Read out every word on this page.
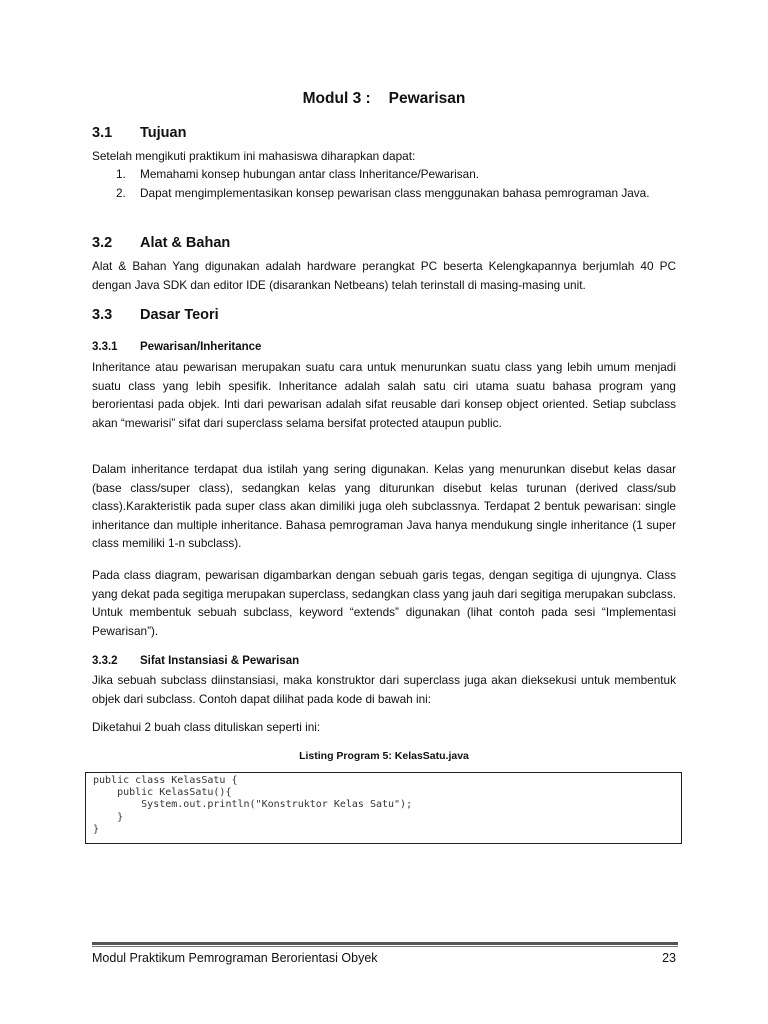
Modul 3 : Pewarisan
3.1 Tujuan
Setelah mengikuti praktikum ini mahasiswa diharapkan dapat:
1. Memahami konsep hubungan antar class Inheritance/Pewarisan.
2. Dapat mengimplementasikan konsep pewarisan class menggunakan bahasa pemrograman Java.
3.2 Alat & Bahan
Alat & Bahan Yang digunakan adalah hardware perangkat PC beserta Kelengkapannya berjumlah 40 PC dengan Java SDK dan editor IDE (disarankan Netbeans) telah terinstall di masing-masing unit.
3.3 Dasar Teori
3.3.1 Pewarisan/Inheritance
Inheritance atau pewarisan merupakan suatu cara untuk menurunkan suatu class yang lebih umum menjadi suatu class yang lebih spesifik. Inheritance adalah salah satu ciri utama suatu bahasa program yang berorientasi pada objek. Inti dari pewarisan adalah sifat reusable dari konsep object oriented. Setiap subclass akan “mewarisi” sifat dari superclass selama bersifat protected ataupun public.
Dalam inheritance terdapat dua istilah yang sering digunakan. Kelas yang menurunkan disebut kelas dasar (base class/super class), sedangkan kelas yang diturunkan disebut kelas turunan (derived class/sub class).Karakteristik pada super class akan dimiliki juga oleh subclassnya. Terdapat 2 bentuk pewarisan: single inheritance dan multiple inheritance. Bahasa pemrograman Java hanya mendukung single inheritance (1 super class memiliki 1-n subclass).
Pada class diagram, pewarisan digambarkan dengan sebuah garis tegas, dengan segitiga di ujungnya. Class yang dekat pada segitiga merupakan superclass, sedangkan class yang jauh dari segitiga merupakan subclass. Untuk membentuk sebuah subclass, keyword “extends” digunakan (lihat contoh pada sesi “Implementasi Pewarisan”).
3.3.2 Sifat Instansiasi & Pewarisan
Jika sebuah subclass diinstansiasi, maka konstruktor dari superclass juga akan dieksekusi untuk membentuk objek dari subclass. Contoh dapat dilihat pada kode di bawah ini:
Diketahui 2 buah class dituliskan seperti ini:
Listing Program 5: KelasSatu.java
public class KelasSatu {
public KelasSatu(){
System.out.println("Konstruktor Kelas Satu");
}
}
Modul Praktikum Pemrograman Berorientasi Obyek	23
